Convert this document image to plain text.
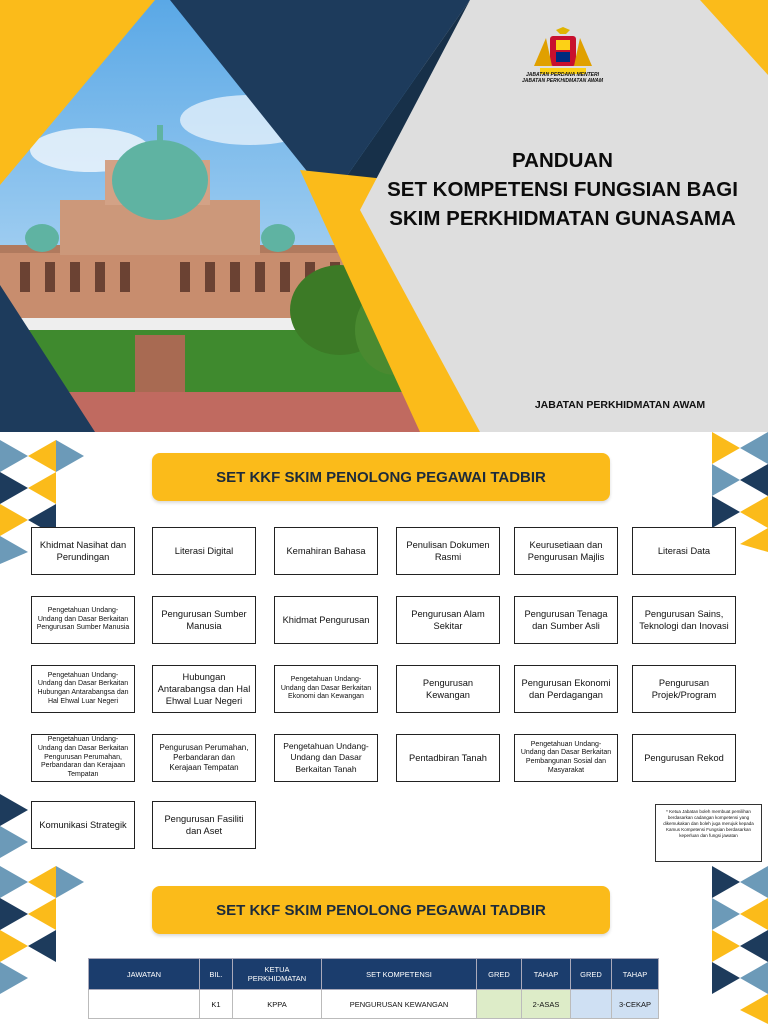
JABATAN PERDANA MENTERI
JABATAN PERKHIDMATAN AWAM
PANDUAN
SET KOMPETENSI FUNGSIAN BAGI
SKIM PERKHIDMATAN GUNASAMA
JABATAN PERKHIDMATAN AWAM
SET KKF SKIM PENOLONG PEGAWAI TADBIR
Khidmat Nasihat dan Perundingan
Literasi Digital	Kemahiran Bahasa
Penulisan Dokumen Rasmi
Keurusetiaan dan Pengurusan Majlis
Literasi Data
Pengetahuan Undang-Undang dan Dasar Berkaitan Pengurusan Sumber Manusia
Pengurusan Sumber Manusia
Khidmat Pengurusan
Pengurusan Alam Sekitar
Pengurusan Tenaga dan Sumber Asli
Pengurusan Sains, Teknologi dan Inovasi
Pengetahuan Undang-Undang dan Dasar Berkaitan Hubungan Antarabangsa dan Hal Ehwal Luar Negeri
Hubungan Antarabangsa dan Hal Ehwal Luar Negeri
Pengetahuan Undang-Undang dan Dasar Berkaitan Ekonomi dan Kewangan
Pengurusan Kewangan
Pengurusan Ekonomi dan Perdagangan
Pengurusan Projek/Program
Pengetahuan Undang-Undang dan Dasar Berkaitan Pengurusan Perumahan, Perbandaran dan Kerajaan Tempatan
Pengurusan Perumahan, Perbandaran dan Kerajaan Tempatan
Pengetahuan Undang-Undang dan Dasar Berkaitan Tanah
Pentadbiran Tanah
Pengetahuan Undang-Undang dan Dasar Berkaitan Pembangunan Sosial dan Masyarakat
Pengurusan Rekod
Komunikasi Strategik
Pengurusan Fasiliti dan Aset
* Ketua Jabatan boleh membuat pemilihan berdasarkan cadangan kompetensi yang dikemukakan dan boleh juga merujuk kepada Kamus Kompetensi Fungsian berdasarkan keperluan dan fungsi jawatan
SET KKF SKIM PENOLONG PEGAWAI TADBIR
JAWATAN	BIL.	KETUA PERKHIDMATAN	SET KOMPETENSI	GRED	TAHAP	GRED	TAHAP
	K1	KPPA	PENGURUSAN KEWANGAN		2-ASAS		3-CEKAP
